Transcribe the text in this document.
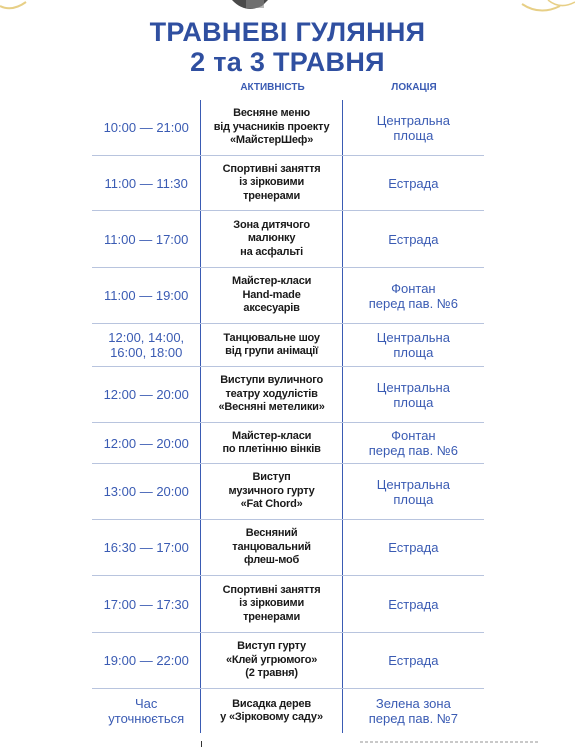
ТРАВНЕВІ ГУЛЯННЯ
2 та 3 ТРАВНЯ
АКТИВНІСТЬ	ЛОКАЦІЯ
10:00 — 21:00
Весняне меню
від учасників проекту
«МайстерШеф»
Центральна
площа
11:00 — 11:30
Спортивні заняття
із зірковими
тренерами
Естрада
11:00 — 17:00
Зона дитячого
малюнку
на асфальті
Естрада
11:00 — 19:00
Майстер-класи
Hand-made
аксесуарів
Фонтан
перед пав. №6
12:00, 14:00,
16:00, 18:00
Танцювальне шоу
від групи анімації
Центральна
площа
12:00 — 20:00
Виступи вуличного
театру ходулістів
«Весняні метелики»
Центральна
площа
12:00 — 20:00	Майстер-класи
по плетінню вінків
Фонтан
перед пав. №6
13:00 — 20:00
Виступ
музичного гурту
«Fat Chord»
Центральна
площа
16:30 — 17:00
Весняний
танцювальний
флеш-моб
Естрада
17:00 — 17:30
Спортивні заняття
із зірковими
тренерами
Естрада
19:00 — 22:00
Виступ гурту
«Клей угрюмого»
(2 травня)
Естрада
Час
уточнюється
Висадка дерев
у «Зірковому саду»
Зелена зона
перед пав. №7
